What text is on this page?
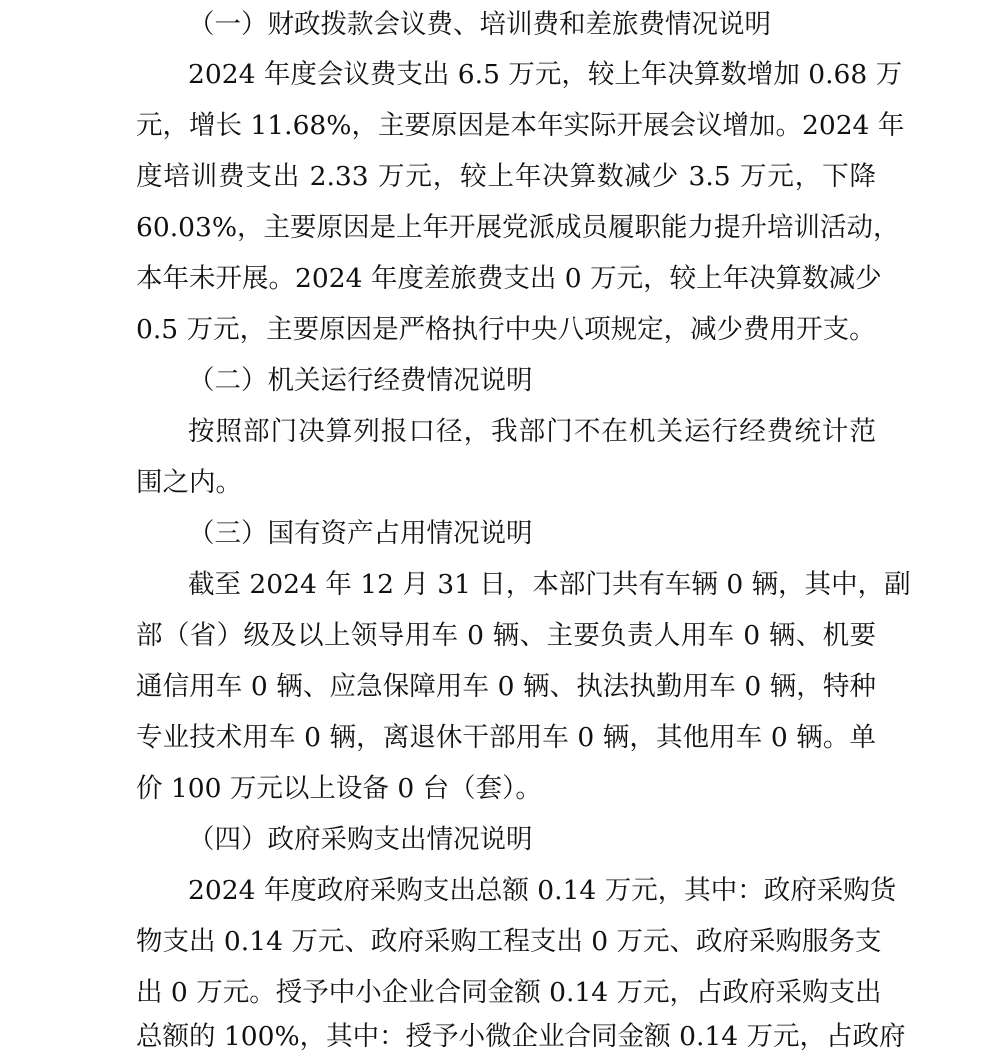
（一）财政拨款会议费、培训费和差旅费情况说明
2024 年度会议费支出 6.5 万元，较上年决算数增加 0.68 万
元，增长 11.68%，主要原因是本年实际开展会议增加。2024 年
度培训费支出 2.33 万元，较上年决算数减少 3.5 万元，下降
60.03%，主要原因是上年开展党派成员履职能力提升培训活动，
本年未开展。2024 年度差旅费支出 0 万元，较上年决算数减少
0.5 万元，主要原因是严格执行中央八项规定，减少费用开支。
（二）机关运行经费情况说明
按照部门决算列报口径，我部门不在机关运行经费统计范
围之内。
（三）国有资产占用情况说明
截至 2024 年 12 月 31 日，本部门共有车辆 0 辆，其中，副
部（省）级及以上领导用车 0 辆、主要负责人用车 0 辆、机要
通信用车 0 辆、应急保障用车 0 辆、执法执勤用车 0 辆，特种
专业技术用车 0 辆，离退休干部用车 0 辆，其他用车 0 辆。单
价 100 万元以上设备 0 台（套）。
（四）政府采购支出情况说明
2024 年度政府采购支出总额 0.14 万元，其中：政府采购货
物支出 0.14 万元、政府采购工程支出 0 万元、政府采购服务支
出 0 万元。授予中小企业合同金额 0.14 万元，占政府采购支出
总额的 100%，其中：授予小微企业合同金额 0.14 万元，占政府
